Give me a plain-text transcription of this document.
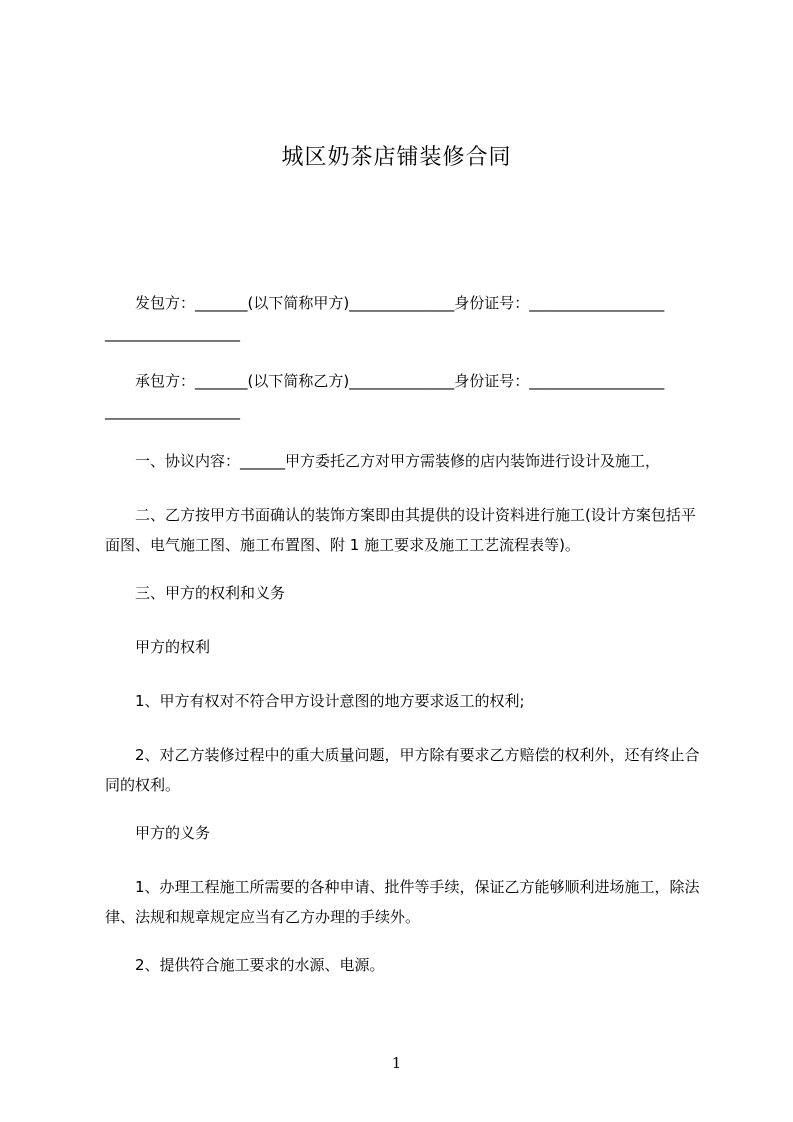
城区奶茶店铺装修合同
　　发包方：_______(以下简称甲方)______________身份证号：__________________
__________________
　　承包方：_______(以下简称乙方)______________身份证号：__________________
__________________
　　一、协议内容：______甲方委托乙方对甲方需装修的店内装饰进行设计及施工，
　　二、乙方按甲方书面确认的装饰方案即由其提供的设计资料进行施工(设计方案包括平面图、电气施工图、施工布置图、附 1 施工要求及施工工艺流程表等)。
　　三、甲方的权利和义务
　　甲方的权利
　　1、甲方有权对不符合甲方设计意图的地方要求返工的权利;
　　2、对乙方装修过程中的重大质量问题，甲方除有要求乙方赔偿的权利外，还有终止合同的权利。
　　甲方的义务
　　1、办理工程施工所需要的各种申请、批件等手续，保证乙方能够顺利进场施工，除法律、法规和规章规定应当有乙方办理的手续外。
　　2、提供符合施工要求的水源、电源。
1
